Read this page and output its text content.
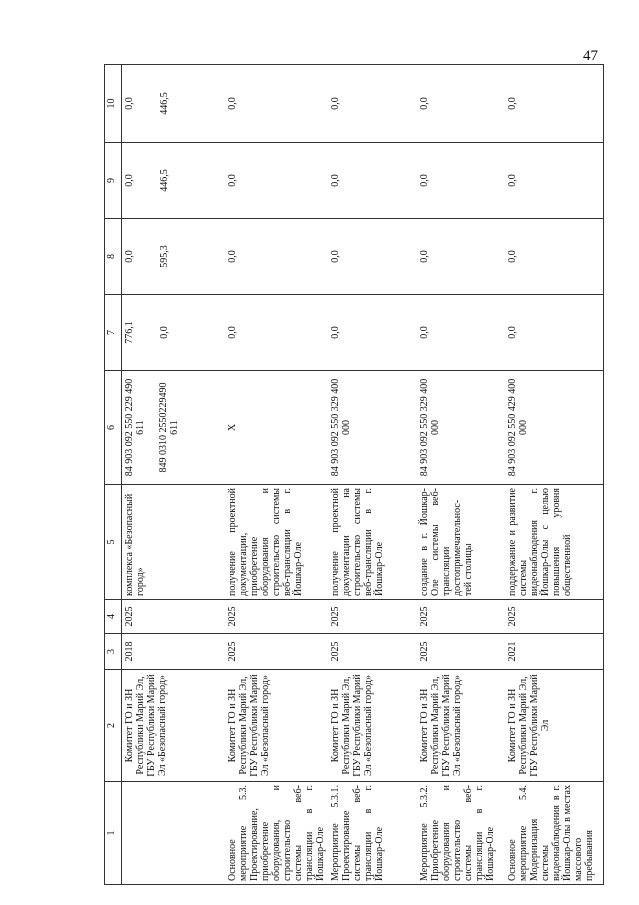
47
1	2	3	4	5	6	7	8	9	10
	Комитет ГО и ЗН Республики Марий Эл, ГБУ Республики Марий Эл «Безопасный город»	2018	2025	комплекса «Безопасный город»	84 903 092 550 229 490 611 849 0310 2550229490 611	776,1 0,0	0,0 595,3	0,0 446,5	0,0 446,5

Основное мероприятие 5.3. Проектирование, приобретение оборудования, и строительство системы веб-трансляции в г. Йошкар-Оле	Комитет ГО и ЗН Республики Марий Эл, ГБУ Республики Марий Эл «Безопасный город»	2025	2025	получение проектной документации, приобретение оборудования и строительство системы веб-трансляции в г. Йошкар-Оле	Х	0,0	0,0	0,0	0,0
Мероприятие 5.3.1. Проектирование системы веб-трансляции в г. Йошкар-Оле	Комитет ГО и ЗН Республики Марий Эл, ГБУ Республики Марий Эл «Безопасный город»	2025	2025	получение проектной документации на строительство системы веб-трансляции в г. Йошкар-Оле	84 903 092 550 329 400 000	0,0	0,0	0,0	0,0
Мероприятие 5.3.2. Приобретение оборудования и строительство системы веб-трансляции в г. Йошкар-Оле	Комитет ГО и ЗН Республики Марий Эл, ГБУ Республики Марий Эл «Безопасный город»	2025	2025	создание в г. Йошкар-Оле системы веб-трансляции достопримечательнос-тей столицы	84 903 092 550 329 400 000	0,0	0,0	0,0	0,0
Основное мероприятие 5.4. Модернизация системы видеонаблюдения в г. Йошкар-Олы в местах массового пребывания	Комитет ГО и ЗН Республики Марий Эл, ГБУ Республики Марий Эл	2021	2025	поддержание и развитие системы видеонаблюдения г. Йошкар-Олы с целью повышения уровня общественной	84 903 092 550 429 400 000	0,0	0,0	0,0	0,0
